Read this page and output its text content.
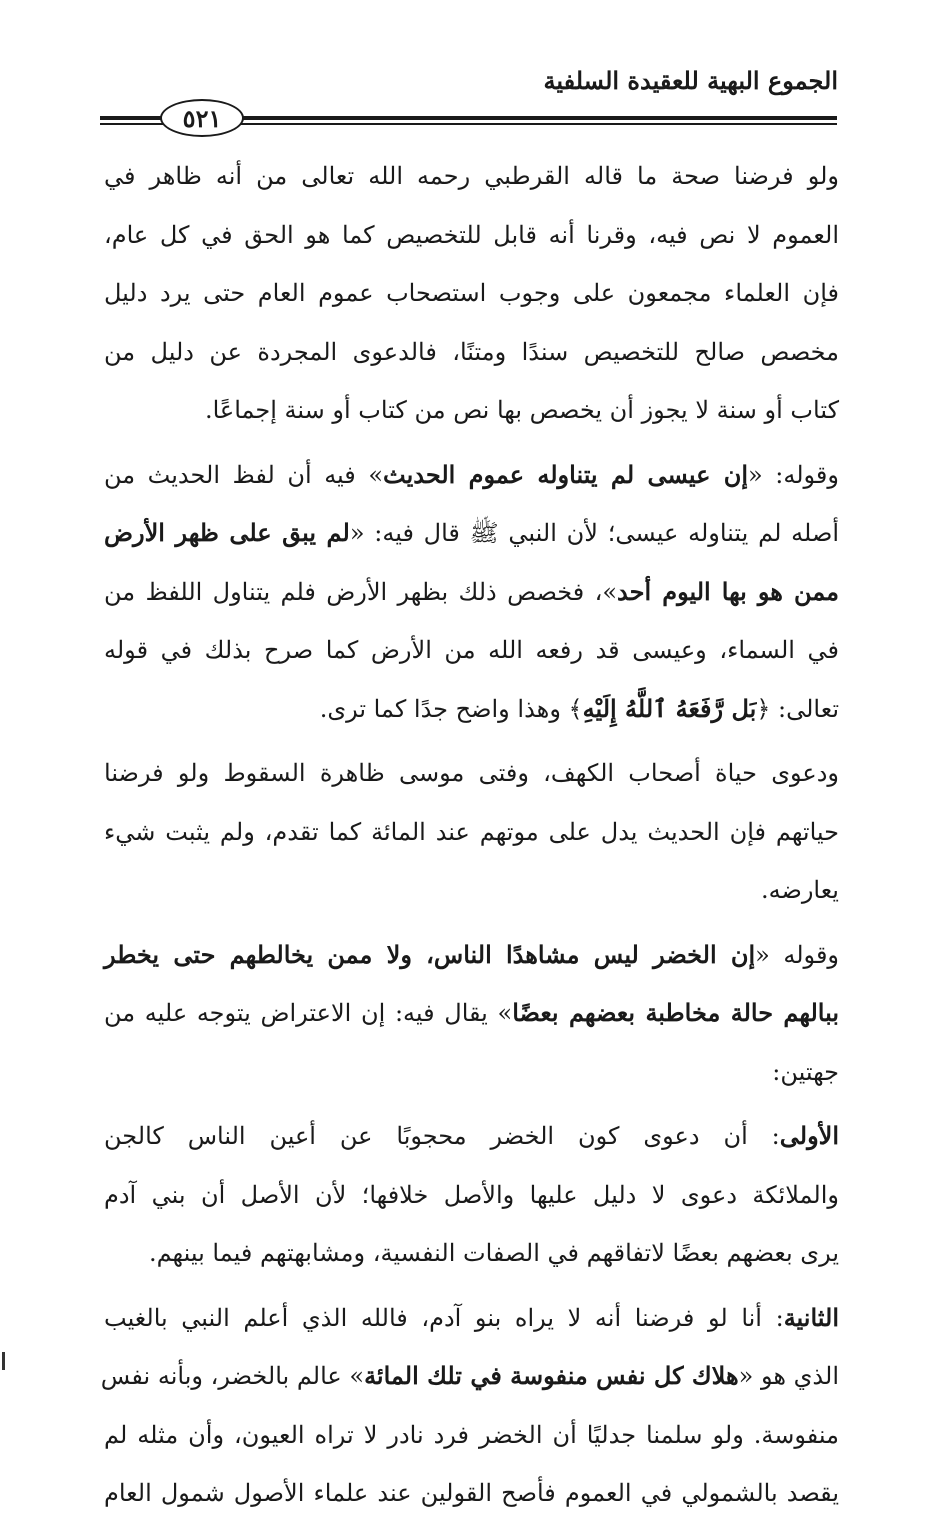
الجموع البهية للعقيدة السلفية
٥٢١
ولو فرضنا صحة ما قاله القرطبي رحمه الله تعالى من أنه ظاهر في
العموم لا نص فيه، وقرنا أنه قابل للتخصيص كما هو الحق في كل عام،
فإن العلماء مجمعون على وجوب استصحاب عموم العام حتى يرد دليل
مخصص صالح للتخصيص سندًا ومتنًا، فالدعوى المجردة عن دليل من
كتاب أو سنة لا يجوز أن يخصص بها نص من كتاب أو سنة إجماعًا.
وقوله: «إن عيسى لم يتناوله عموم الحديث» فيه أن لفظ الحديث من
أصله لم يتناوله عيسى؛ لأن النبي ﷺ قال فيه: «لم يبق على ظهر الأرض
ممن هو بها اليوم أحد»، فخصص ذلك بظهر الأرض فلم يتناول اللفظ من
في السماء، وعيسى قد رفعه الله من الأرض كما صرح بذلك في قوله
تعالى: ﴿بَل رَّفَعَهُ ٱللَّهُ إِلَيْهِ﴾ وهذا واضح جدًا كما ترى.
ودعوى حياة أصحاب الكهف، وفتى موسى ظاهرة السقوط ولو فرضنا
حياتهم فإن الحديث يدل على موتهم عند المائة كما تقدم، ولم يثبت شيء
يعارضه.
وقوله «إن الخضر ليس مشاهدًا الناس، ولا ممن يخالطهم حتى يخطر
ببالهم حالة مخاطبة بعضهم بعضًا» يقال فيه: إن الاعتراض يتوجه عليه من
جهتين:
الأولى: أن دعوى كون الخضر محجوبًا عن أعين الناس كالجن
والملائكة دعوى لا دليل عليها والأصل خلافها؛ لأن الأصل أن بني آدم
يرى بعضهم بعضًا لاتفاقهم في الصفات النفسية، ومشابهتهم فيما بينهم.
الثانية: أنا لو فرضنا أنه لا يراه بنو آدم، فالله الذي أعلم النبي بالغيب
الذي هو «هلاك كل نفس منفوسة في تلك المائة» عالم بالخضر، وبأنه نفس
منفوسة. ولو سلمنا جدليًا أن الخضر فرد نادر لا تراه العيون، وأن مثله لم
يقصد بالشمولي في العموم فأصح القولين عند علماء الأصول شمول العام
